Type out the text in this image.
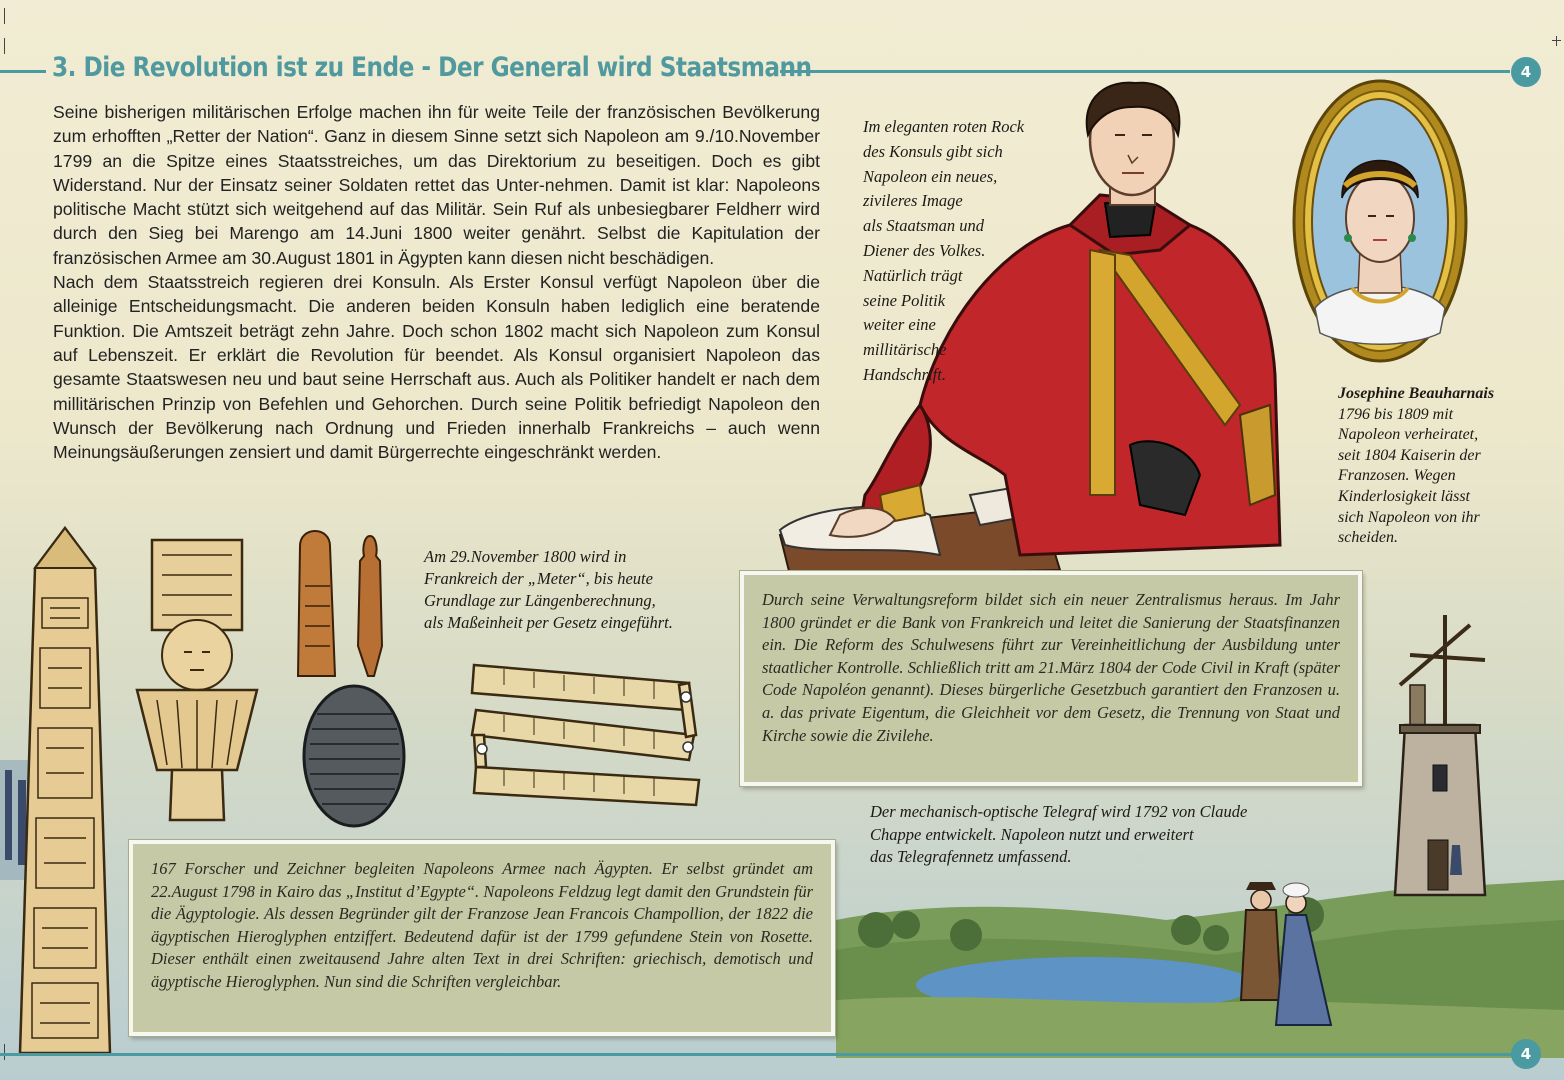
3. Die Revolution ist zu Ende - Der General wird Staatsmann	4

Seine bisherigen militärischen Erfolge machen ihn für weite Teile der französischen Bevölkerung zum erhofften „Retter der Nation“. Ganz in diesem Sinne setzt sich Napoleon am 9./10.November 1799 an die Spitze eines Staatsstreiches, um das Direktorium zu beseitigen. Doch es gibt Widerstand. Nur der Einsatz seiner Soldaten rettet das Unter-nehmen. Damit ist klar: Napoleons politische Macht stützt sich weitgehend auf das Militär. Sein Ruf als unbesiegbarer Feldherr wird durch den Sieg bei Marengo am 14.Juni 1800 weiter genährt. Selbst die Kapitulation der französischen Armee am 30.August 1801 in Ägypten kann diesen nicht beschädigen.

Nach dem Staatsstreich regieren drei Konsuln. Als Erster Konsul verfügt Napoleon über die alleinige Entscheidungsmacht. Die anderen beiden Konsuln haben lediglich eine beratende Funktion. Die Amtszeit beträgt zehn Jahre. Doch schon 1802 macht sich Napoleon zum Konsul auf Lebenszeit. Er erklärt die Revolution für beendet. Als Konsul organisiert Napoleon das gesamte Staatswesen neu und baut seine Herrschaft aus. Auch als Politiker handelt er nach dem millitärischen Prinzip von Befehlen und Gehorchen. Durch seine Politik befriedigt Napoleon den Wunsch der Bevölkerung nach Ordnung und Frieden innerhalb Frankreichs – auch wenn Meinungsäußerungen zensiert und damit Bürgerrechte eingeschränkt werden.

Im eleganten roten Rock
des Konsuls gibt sich
Napoleon ein neues,
zivileres Image
als Staatsman und
Diener des Volkes.
Natürlich trägt
seine Politik
weiter eine
millitärische
Handschrift.
Josephine Beauharnais
1796 bis 1809 mit
Napoleon verheiratet,
seit 1804 Kaiserin der
Franzosen. Wegen
Kinderlosigkeit lässt
sich Napoleon von ihr
scheiden.
Am 29.November 1800 wird in
Frankreich der „Meter“, bis heute
Grundlage zur Längenberechnung,
als Maßeinheit per Gesetz eingeführt.
Durch seine Verwaltungsreform bildet sich ein neuer Zentralismus heraus. Im Jahr 1800 gründet er die Bank von Frankreich und leitet die Sanierung der Staatsfinanzen ein. Die Reform des Schulwesens führt zur Vereinheitlichung der Ausbildung unter staatlicher Kontrolle. Schließlich tritt am 21.März 1804 der Code Civil in Kraft (später Code Napoléon genannt). Dieses bürgerliche Gesetzbuch garantiert den Franzosen u. a. das private Eigentum, die Gleichheit vor dem Gesetz, die Trennung von Staat und Kirche sowie die Zivilehe.
Der mechanisch-optische Telegraf wird 1792 von Claude
Chappe entwickelt. Napoleon nutzt und erweitert
das Telegrafennetz umfassend.
167 Forscher und Zeichner begleiten Napoleons Armee nach Ägypten. Er selbst gründet am 22.August 1798 in Kairo das „Institut d’Egypte“. Napoleons Feldzug legt damit den Grundstein für die Ägyptologie. Als dessen Begründer gilt der Franzose Jean Francois Champollion, der 1822 die ägyptischen Hieroglyphen entziffert. Bedeutend dafür ist der 1799 gefundene Stein von Rosette. Dieser enthält einen zweitausend Jahre alten Text in drei Schriften: griechisch, demotisch und ägyptische Hieroglyphen. Nun sind die Schriften vergleichbar.
4
